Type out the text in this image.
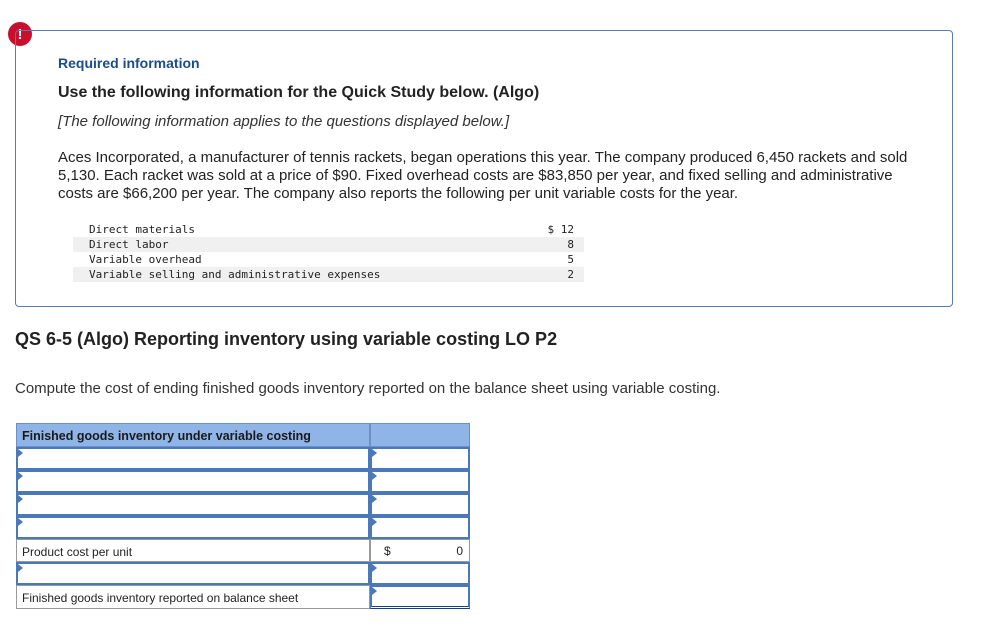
!
Required information
Use the following information for the Quick Study below. (Algo)
[The following information applies to the questions displayed below.]
Aces Incorporated, a manufacturer of tennis rackets, began operations this year. The company produced 6,450 rackets and sold 5,130. Each racket was sold at a price of $90. Fixed overhead costs are $83,850 per year, and fixed selling and administrative costs are $66,200 per year. The company also reports the following per unit variable costs for the year.
Direct materials	$ 12
Direct labor	8
Variable overhead	5
Variable selling and administrative expenses	2
QS 6-5 (Algo) Reporting inventory using variable costing LO P2
Compute the cost of ending finished goods inventory reported on the balance sheet using variable costing.
Finished goods inventory under variable costing
Product cost per unit	$	0
Finished goods inventory reported on balance sheet
